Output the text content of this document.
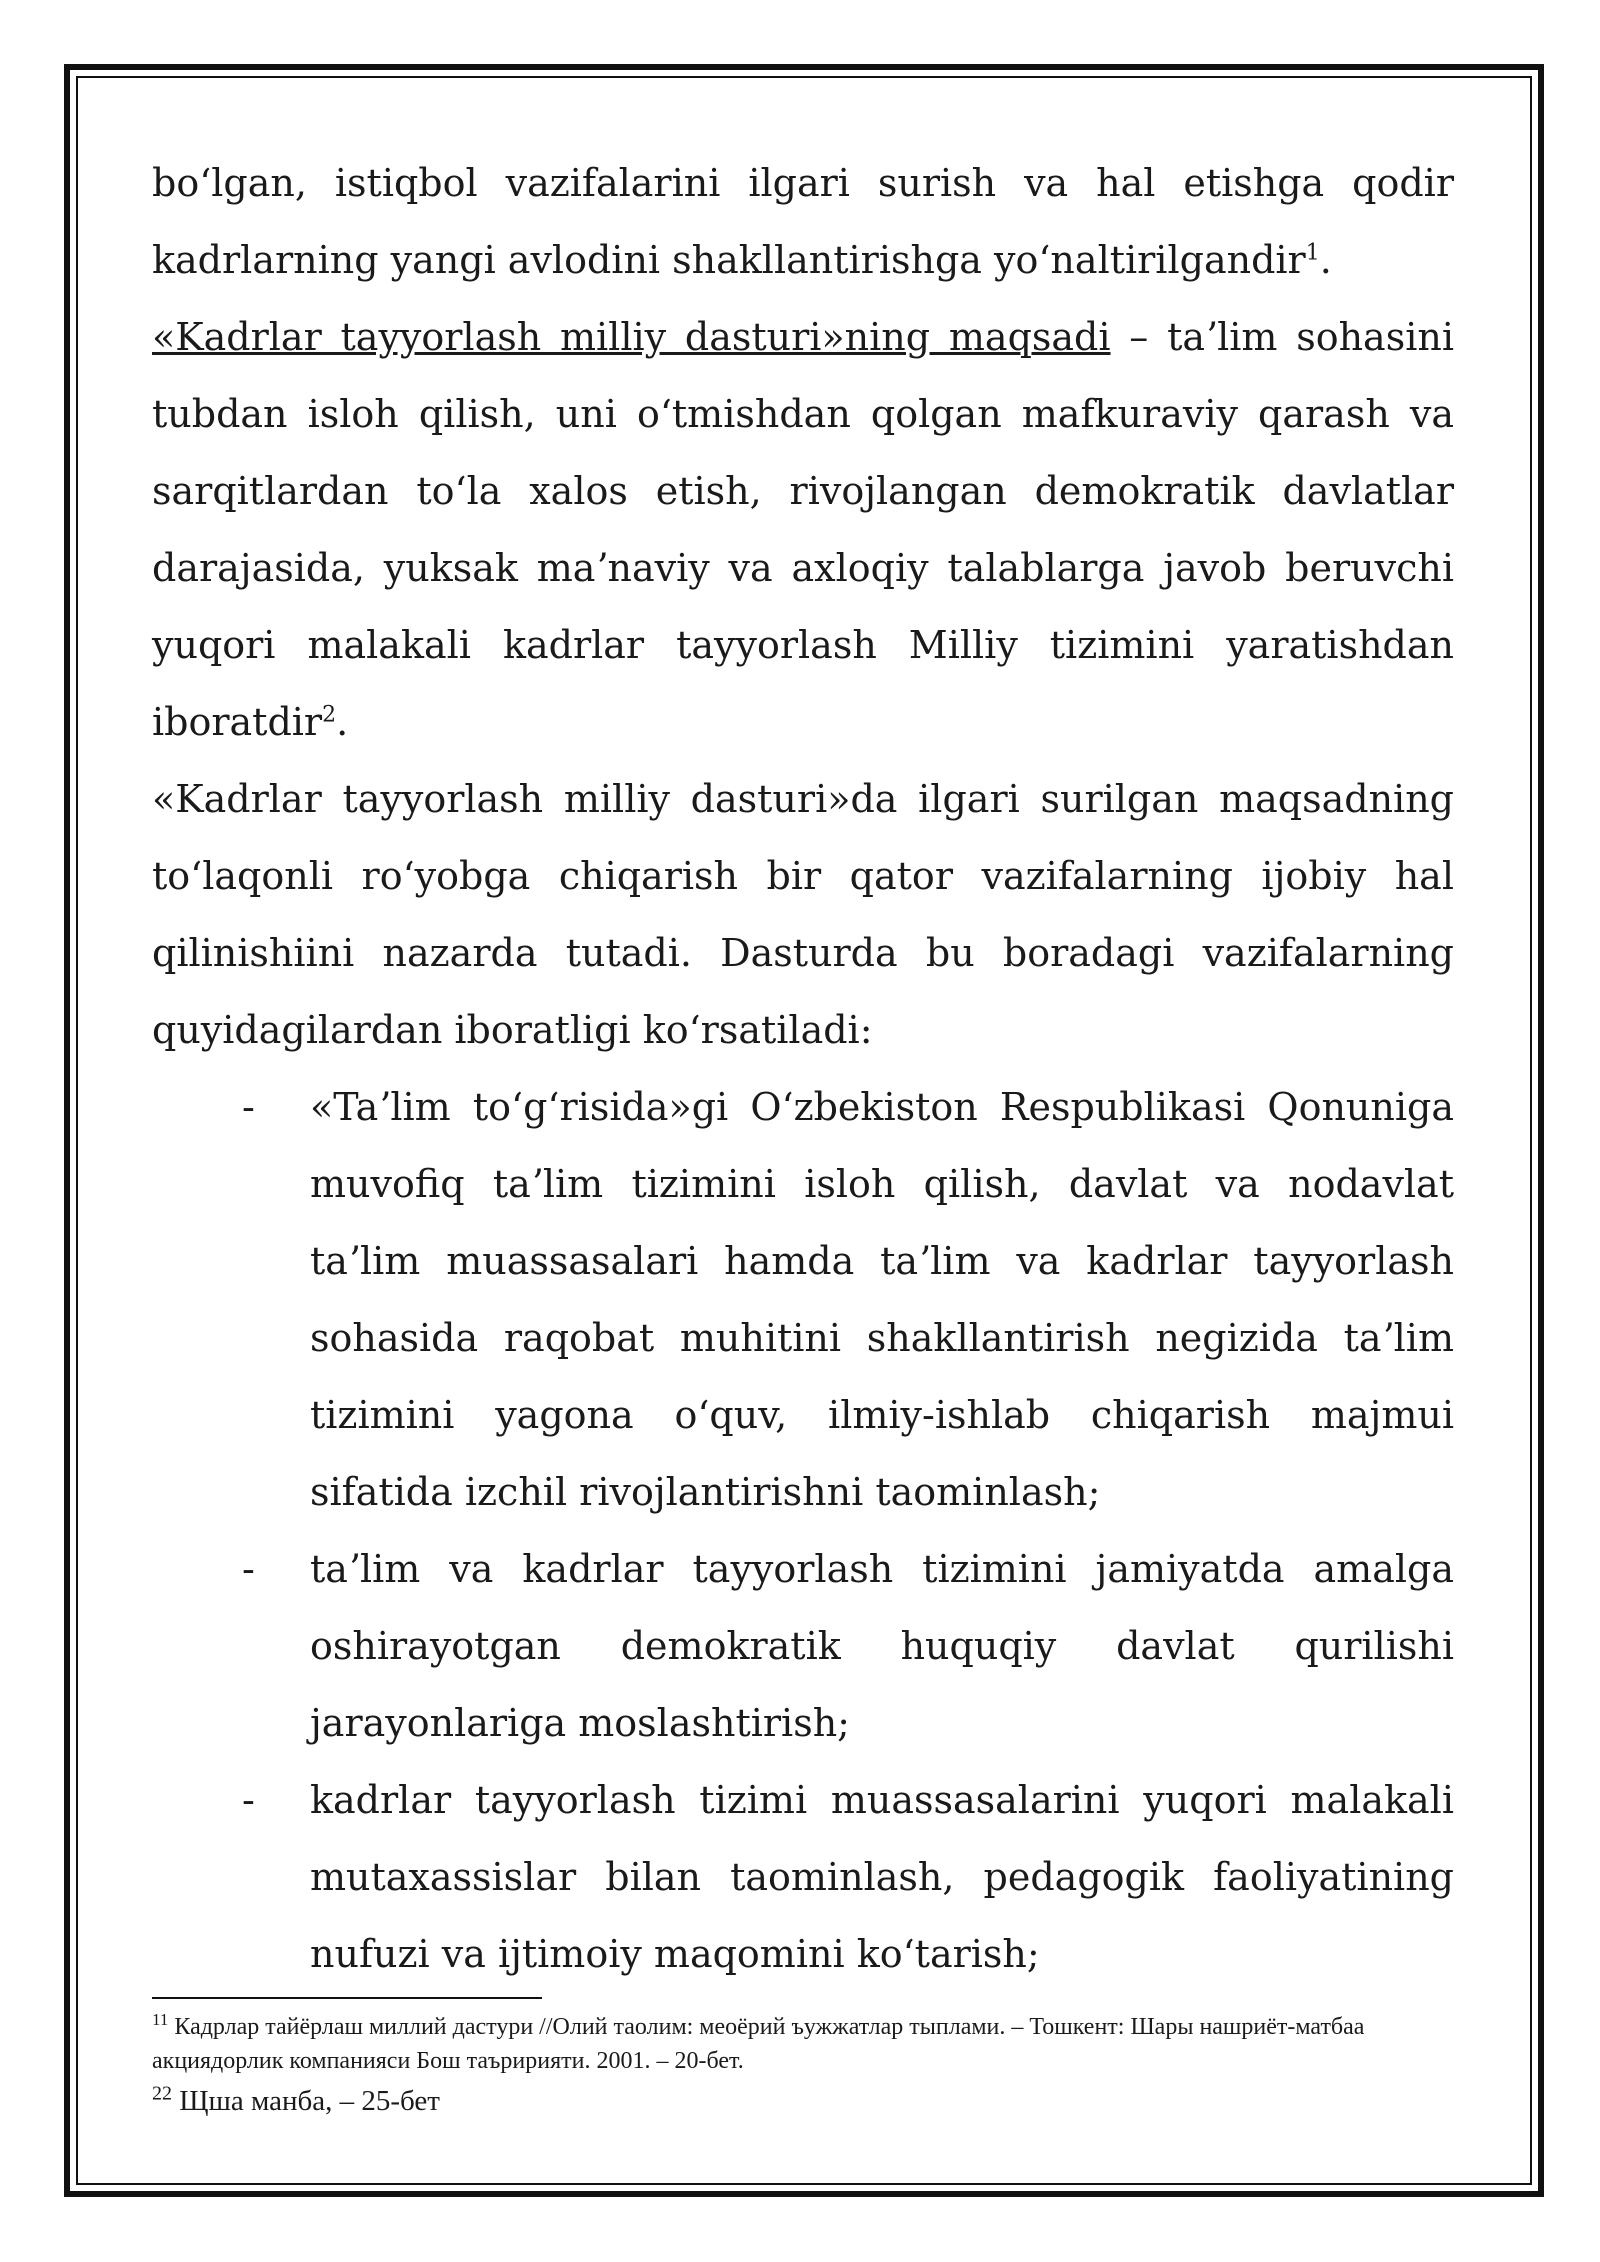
boʻlgan, istiqbol vazifalarini ilgari surish va hal etishga qodir kadrlarning yangi avlodini shakllantirishga yoʻnaltirilgandir$^1$.

«Kadrlar tayyorlash milliy dasturi»ning maqsadi – taʼlim sohasini tubdan isloh qilish, uni oʻtmishdan qolgan mafkuraviy qarash va sarqitlardan toʻla xalos etish, rivojlangan demokratik davlatlar darajasida, yuksak maʼnaviy va axloqiy talablarga javob beruvchi yuqori malakali kadrlar tayyorlash Milliy tizimini yaratishdan iboratdir$^2$.

«Kadrlar tayyorlash milliy dasturi»da ilgari surilgan maqsadning toʻlaqonli roʻyobga chiqarish bir qator vazifalarning ijobiy hal qilinishiini nazarda tutadi. Dasturda bu boradagi vazifalarning quyidagilardan iboratligi koʻrsatiladi:

- «Taʼlim toʻgʻrisida»gi Oʻzbekiston Respublikasi Qonuniga muvofiq taʼlim tizimini isloh qilish, davlat va nodavlat taʼlim muassasalari hamda taʼlim va kadrlar tayyorlash sohasida raqobat muhitini shakllantirish negizida taʼlim tizimini yagona oʻquv, ilmiy-ishlab chiqarish majmui sifatida izchil rivojlantirishni taominlash;
- taʼlim va kadrlar tayyorlash tizimini jamiyatda amalga oshirayotgan demokratik huquqiy davlat qurilishi jarayonlariga moslashtirish;
- kadrlar tayyorlash tizimi muassasalarini yuqori malakali mutaxassislar bilan taominlash, pedagogik faoliyatining nufuzi va ijtimoiy maqomini koʻtarish;

$^{11}$ Кадрлар тайёрлаш миллий дастури //Олий таолим: меоёрий ъужжатлар тыплами. – Тошкент: Шары нашриёт-матбаа акциядорлик компанияси Бош таъририяти. 2001. – 20-бет.

$^{22}$ Щша манба, – 25-бет
